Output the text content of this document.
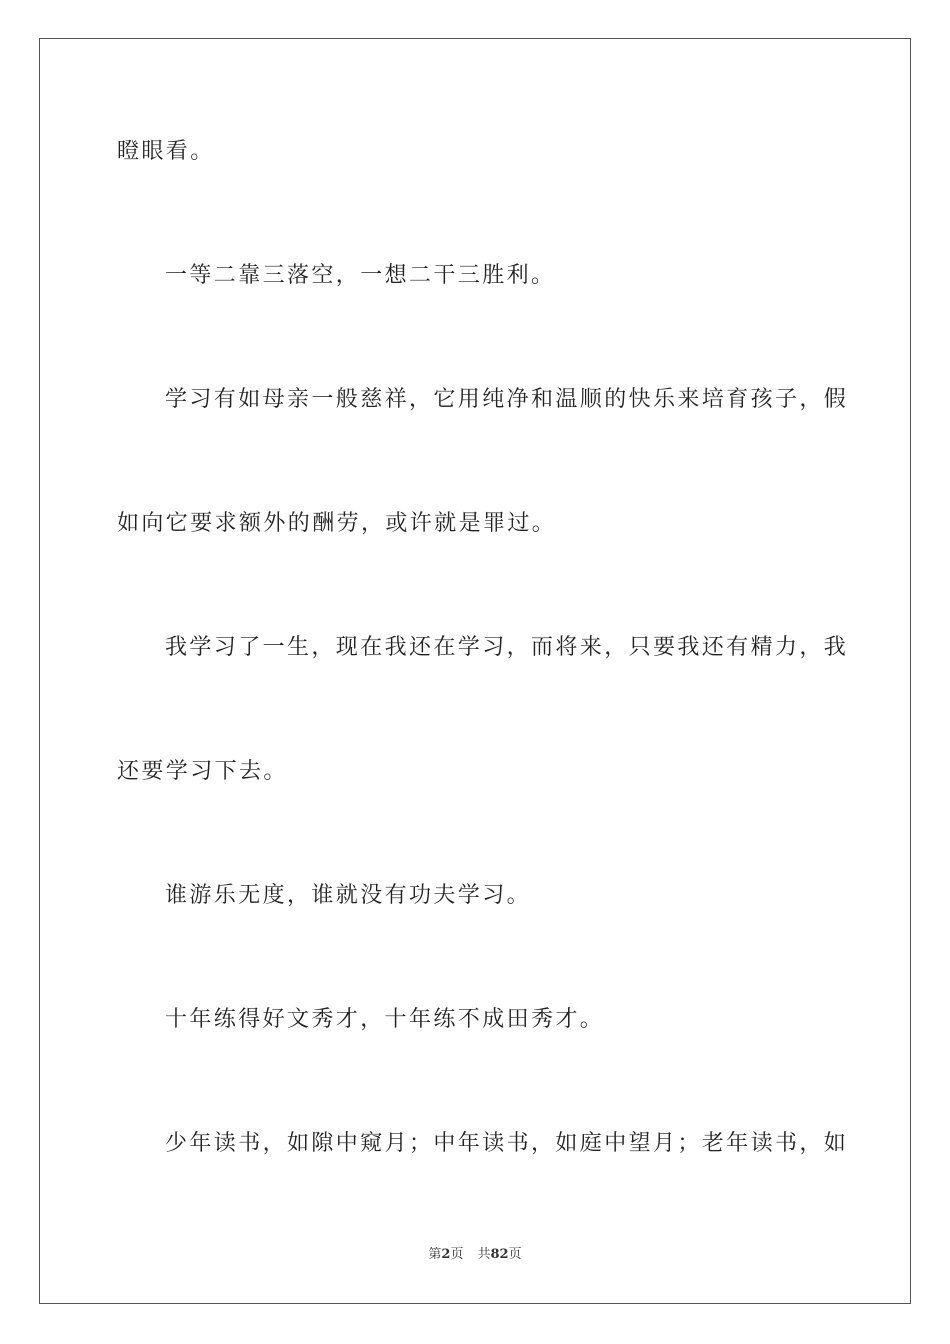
瞪眼看。
一等二靠三落空，一想二干三胜利。
学习有如母亲一般慈祥，它用纯净和温顺的快乐来培育孩子，假
如向它要求额外的酬劳，或许就是罪过。
我学习了一生，现在我还在学习，而将来，只要我还有精力，我
还要学习下去。
谁游乐无度，谁就没有功夫学习。
十年练得好文秀才，十年练不成田秀才。
少年读书，如隙中窥月；中年读书，如庭中望月；老年读书，如
第2页 共82页
